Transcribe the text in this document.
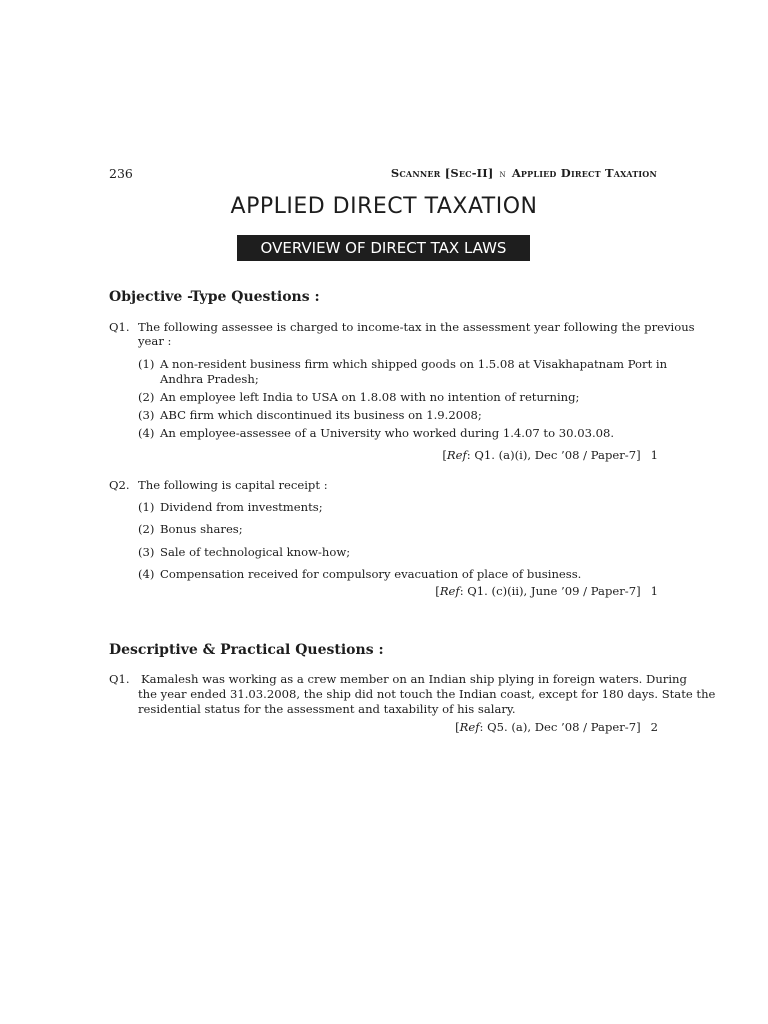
236	Scanner [Sec-II] n Applied Direct Taxation
APPLIED DIRECT TAXATION
OVERVIEW OF DIRECT TAX LAWS
Objective -Type Questions :
Q1. The following assessee is charged to income-tax in the assessment year following the previous
year :
(1) A non-resident business firm which shipped goods on 1.5.08 at Visakhapatnam Port in
Andhra Pradesh;
(2) An employee left India to USA on 1.8.08 with no intention of returning;
(3) ABC firm which discontinued its business on 1.9.2008;
(4) An employee-assessee of a University who worked during 1.4.07 to 30.03.08.
[Ref: Q1. (a)(i), Dec ’08 / Paper-7] 1
Q2. The following is capital receipt :
(1) Dividend from investments;
(2) Bonus shares;
(3) Sale of technological know-how;
(4) Compensation received for compulsory evacuation of place of business.
[Ref: Q1. (c)(ii), June ’09 / Paper-7] 1
Descriptive & Practical Questions :
Q1. Kamalesh was working as a crew member on an Indian ship plying in foreign waters. During
the year ended 31.03.2008, the ship did not touch the Indian coast, except for 180 days. State the
residential status for the assessment and taxability of his salary.
[Ref: Q5. (a), Dec ’08 / Paper-7] 2
